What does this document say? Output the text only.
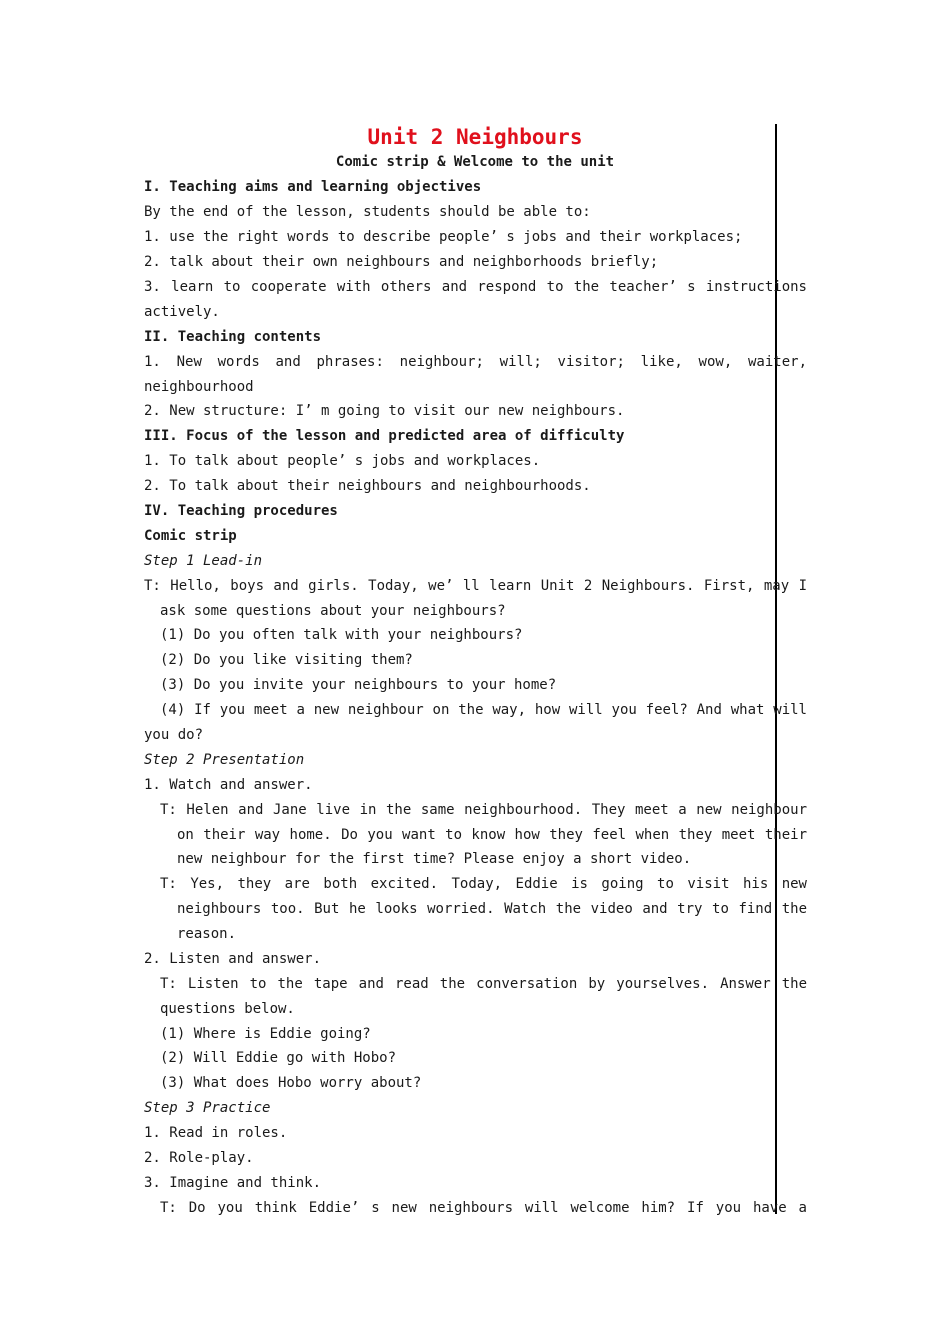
Unit 2 Neighbours
Comic strip & Welcome to the unit
I. Teaching aims and learning objectives
By the end of the lesson, students should be able to:
1. use the right words to describe people’ s jobs and their workplaces;
2. talk about their own neighbours and neighborhoods briefly;
3. learn to cooperate with others and respond to the teacher’ s instructions
actively.
II. Teaching contents
1. New words and phrases: neighbour; will; visitor; like, wow, waiter,
neighbourhood
2. New structure: I’ m going to visit our new neighbours.
III. Focus of the lesson and predicted area of difficulty
1. To talk about people’ s jobs and workplaces.
2. To talk about their neighbours and neighbourhoods.
IV. Teaching procedures
Comic strip
Step 1 Lead-in
T: Hello, boys and girls. Today, we’ ll learn Unit 2 Neighbours. First, may I
ask some questions about your neighbours?
(1) Do you often talk with your neighbours?
(2) Do you like visiting them?
(3) Do you invite your neighbours to your home?
(4) If you meet a new neighbour on the way, how will you feel? And what will
you do?
Step 2 Presentation
1. Watch and answer.
T: Helen and Jane live in the same neighbourhood. They meet a new neighbour
on their way home. Do you want to know how they feel when they meet their
new neighbour for the first time? Please enjoy a short video.
T: Yes, they are both excited. Today, Eddie is going to visit his new
neighbours too. But he looks worried. Watch the video and try to find the
reason.
2. Listen and answer.
T: Listen to the tape and read the conversation by yourselves. Answer the
questions below.
(1) Where is Eddie going?
(2) Will Eddie go with Hobo?
(3) What does Hobo worry about?
Step 3 Practice
1. Read in roles.
2. Role-play.
3. Imagine and think.
T: Do you think Eddie’ s new neighbours will welcome him? If you have a
